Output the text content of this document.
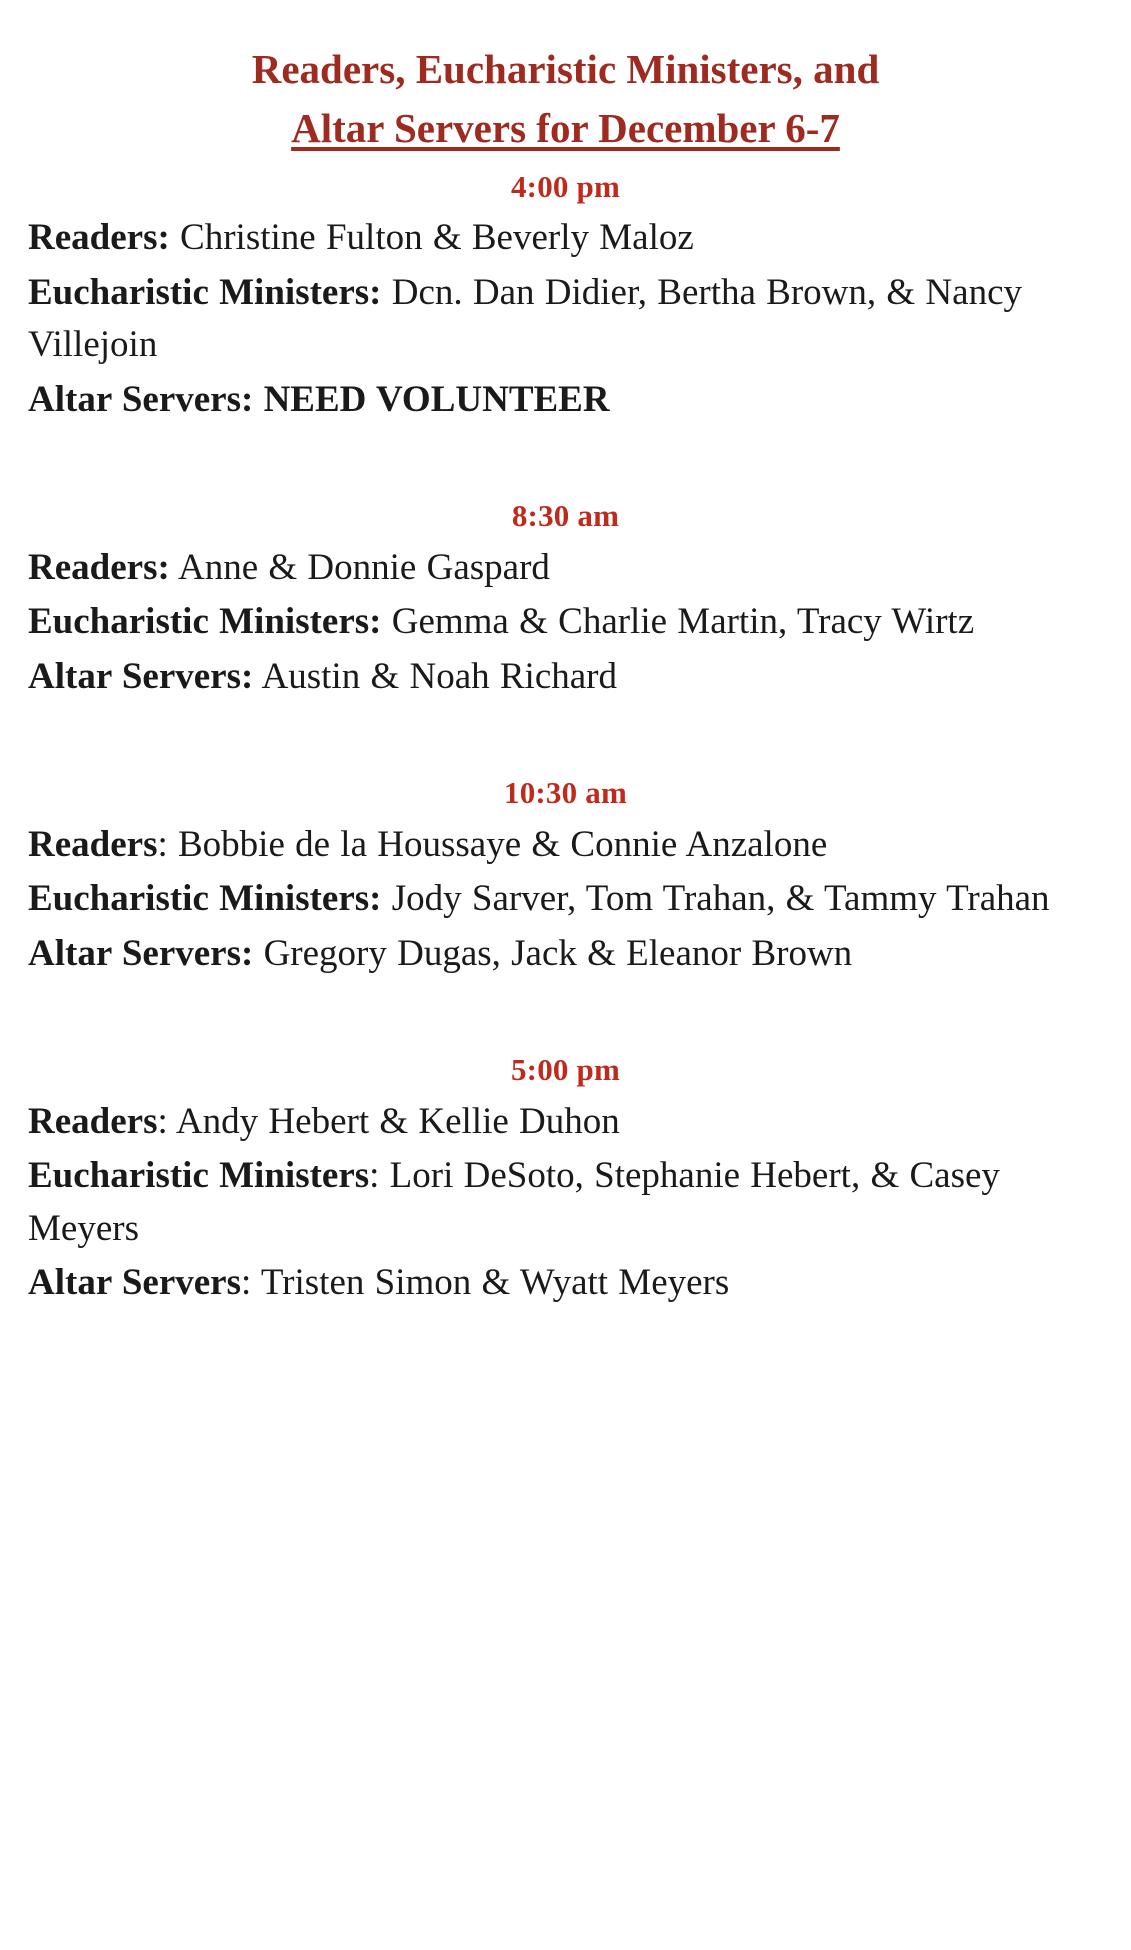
Readers, Eucharistic Ministers, and
Altar Servers for December 6-7
4:00 pm

Readers: Christine Fulton & Beverly Maloz

Eucharistic Ministers: Dcn. Dan Didier, Bertha Brown, & Nancy Villejoin

Altar Servers: NEED VOLUNTEER

8:30 am

Readers: Anne & Donnie Gaspard

Eucharistic Ministers: Gemma & Charlie Martin, Tracy Wirtz

Altar Servers: Austin & Noah Richard

10:30 am

Readers: Bobbie de la Houssaye & Connie Anzalone

Eucharistic Ministers: Jody Sarver, Tom Trahan, & Tammy Trahan

Altar Servers: Gregory Dugas, Jack & Eleanor Brown

5:00 pm

Readers: Andy Hebert & Kellie Duhon

Eucharistic Ministers: Lori DeSoto, Stephanie Hebert, & Casey Meyers

Altar Servers: Tristen Simon & Wyatt Meyers
